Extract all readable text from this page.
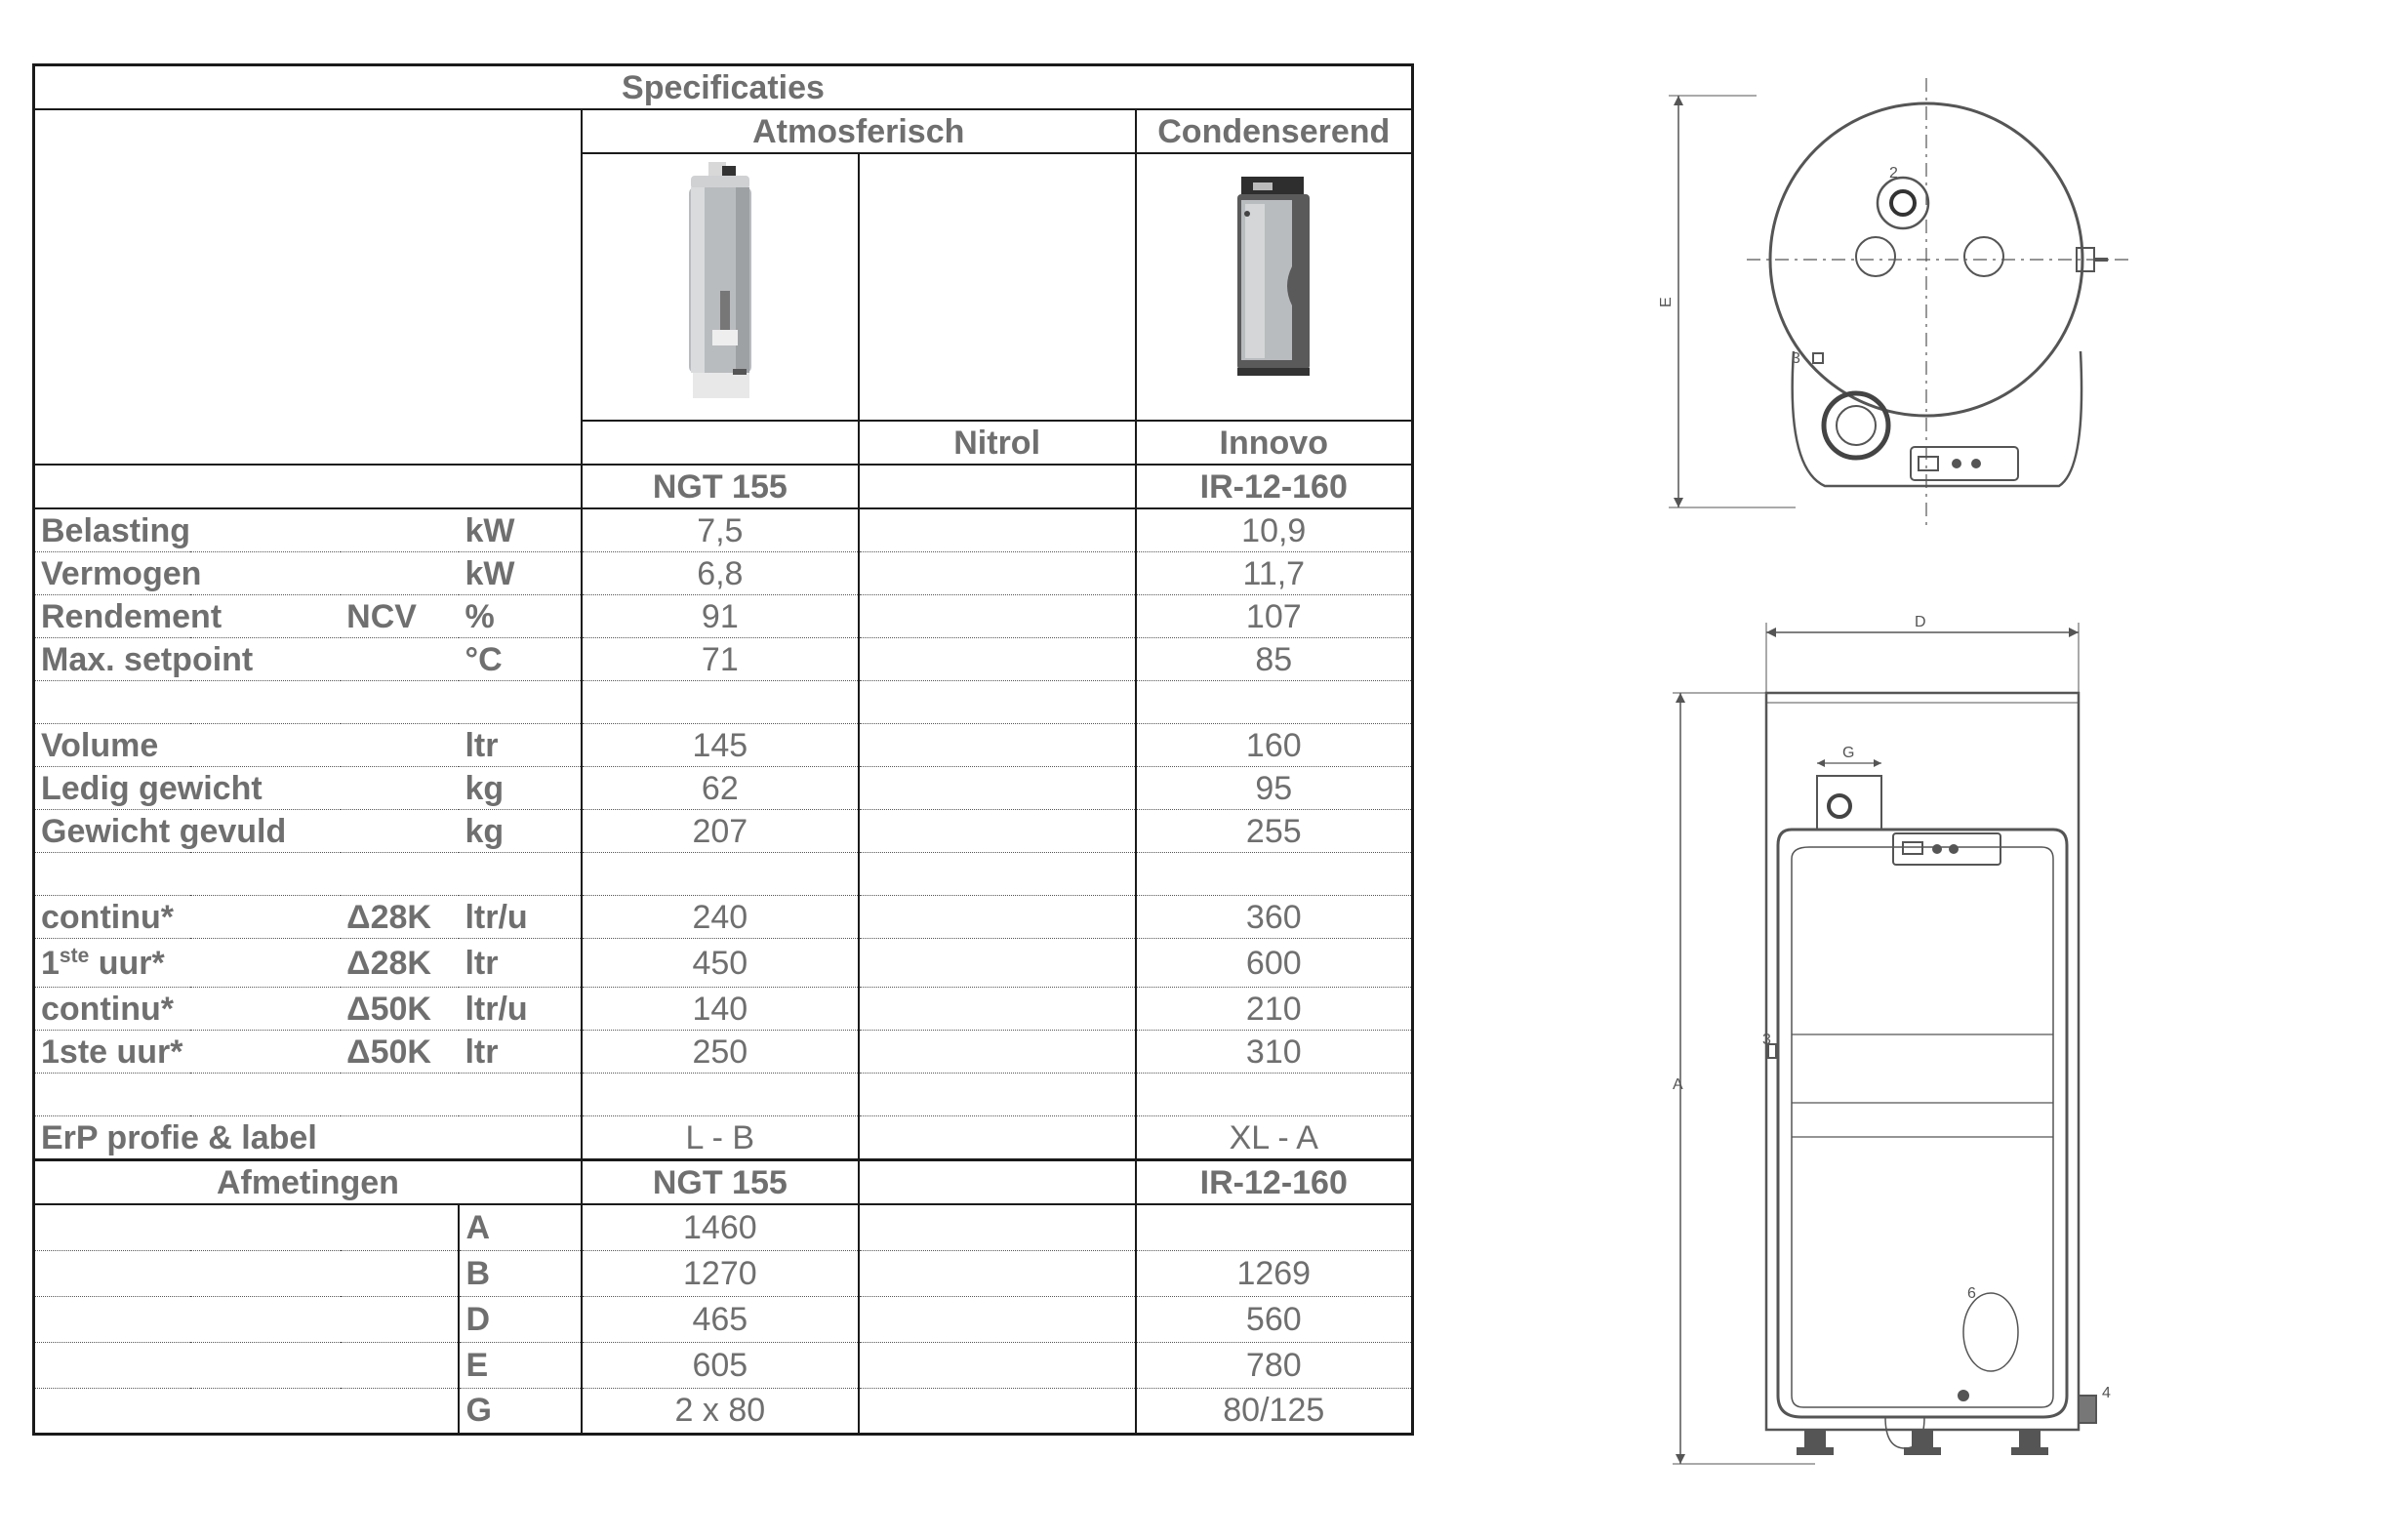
Specificaties					
			Atmosferisch		Condenserend

				Nitrol	Innovo
			NGT 155		IR-12-160
Belasting		kW	7,5		10,9
Vermogen		kW	6,8		11,7
Rendement	NCV	%	91		107
Max. setpoint		°C	71		85

Volume		ltr	145		160
Ledig gewicht		kg	62		95
Gewicht gevuld		kg	207		255

continu*	Δ28K	ltr/u	240		360
1ste uur*	Δ28K	ltr	450		600
continu*	Δ50K	ltr/u	140		210
1ste uur*	Δ50K	ltr	250		310

ErP profie & label			L - B		XL - A
Afmetingen			NGT 155		IR-12-160
		A	1460		
		B	1270		1269
		D	465		560
		E	605		780
		G	2 x 80		80/125
E
2
3
D
G
A
3
6
4
